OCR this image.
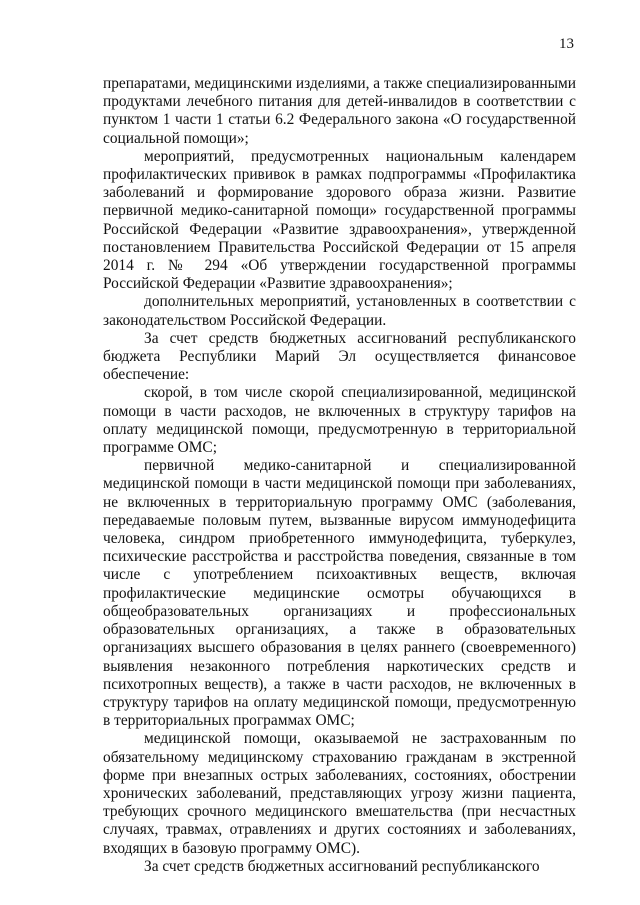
13

препаратами, медицинскими изделиями, а также специализированными продуктами лечебного питания для детей-инвалидов в соответствии с пунктом 1 части 1 статьи 6.2 Федерального закона «О государственной социальной помощи»;

мероприятий, предусмотренных национальным календарем профилактических прививок в рамках подпрограммы «Профилактика заболеваний и формирование здорового образа жизни. Развитие первичной медико-санитарной помощи» государственной программы Российской Федерации «Развитие здравоохранения», утвержденной постановлением Правительства Российской Федерации от 15 апреля 2014 г. № 294 «Об утверждении государственной программы Российской Федерации «Развитие здравоохранения»;

дополнительных мероприятий, установленных в соответствии с законодательством Российской Федерации.

За счет средств бюджетных ассигнований республиканского бюджета Республики Марий Эл осуществляется финансовое обеспечение:

скорой, в том числе скорой специализированной, медицинской помощи в части расходов, не включенных в структуру тарифов на оплату медицинской помощи, предусмотренную в территориальной программе ОМС;

первичной медико-санитарной и специализированной медицинской помощи в части медицинской помощи при заболеваниях, не включенных в территориальную программу ОМС (заболевания, передаваемые половым путем, вызванные вирусом иммунодефицита человека, синдром приобретенного иммунодефицита, туберкулез, психические расстройства и расстройства поведения, связанные в том числе с употреблением психоактивных веществ, включая профилактические медицинские осмотры обучающихся в общеобразовательных организациях и профессиональных образовательных организациях, а также в образовательных организациях высшего образования в целях раннего (своевременного) выявления незаконного потребления наркотических средств и психотропных веществ), а также в части расходов, не включенных в структуру тарифов на оплату медицинской помощи, предусмотренную в территориальных программах ОМС;

медицинской помощи, оказываемой не застрахованным по обязательному медицинскому страхованию гражданам в экстренной форме при внезапных острых заболеваниях, состояниях, обострении хронических заболеваний, представляющих угрозу жизни пациента, требующих срочного медицинского вмешательства (при несчастных случаях, травмах, отравлениях и других состояниях и заболеваниях, входящих в базовую программу ОМС).

За счет средств бюджетных ассигнований республиканского
